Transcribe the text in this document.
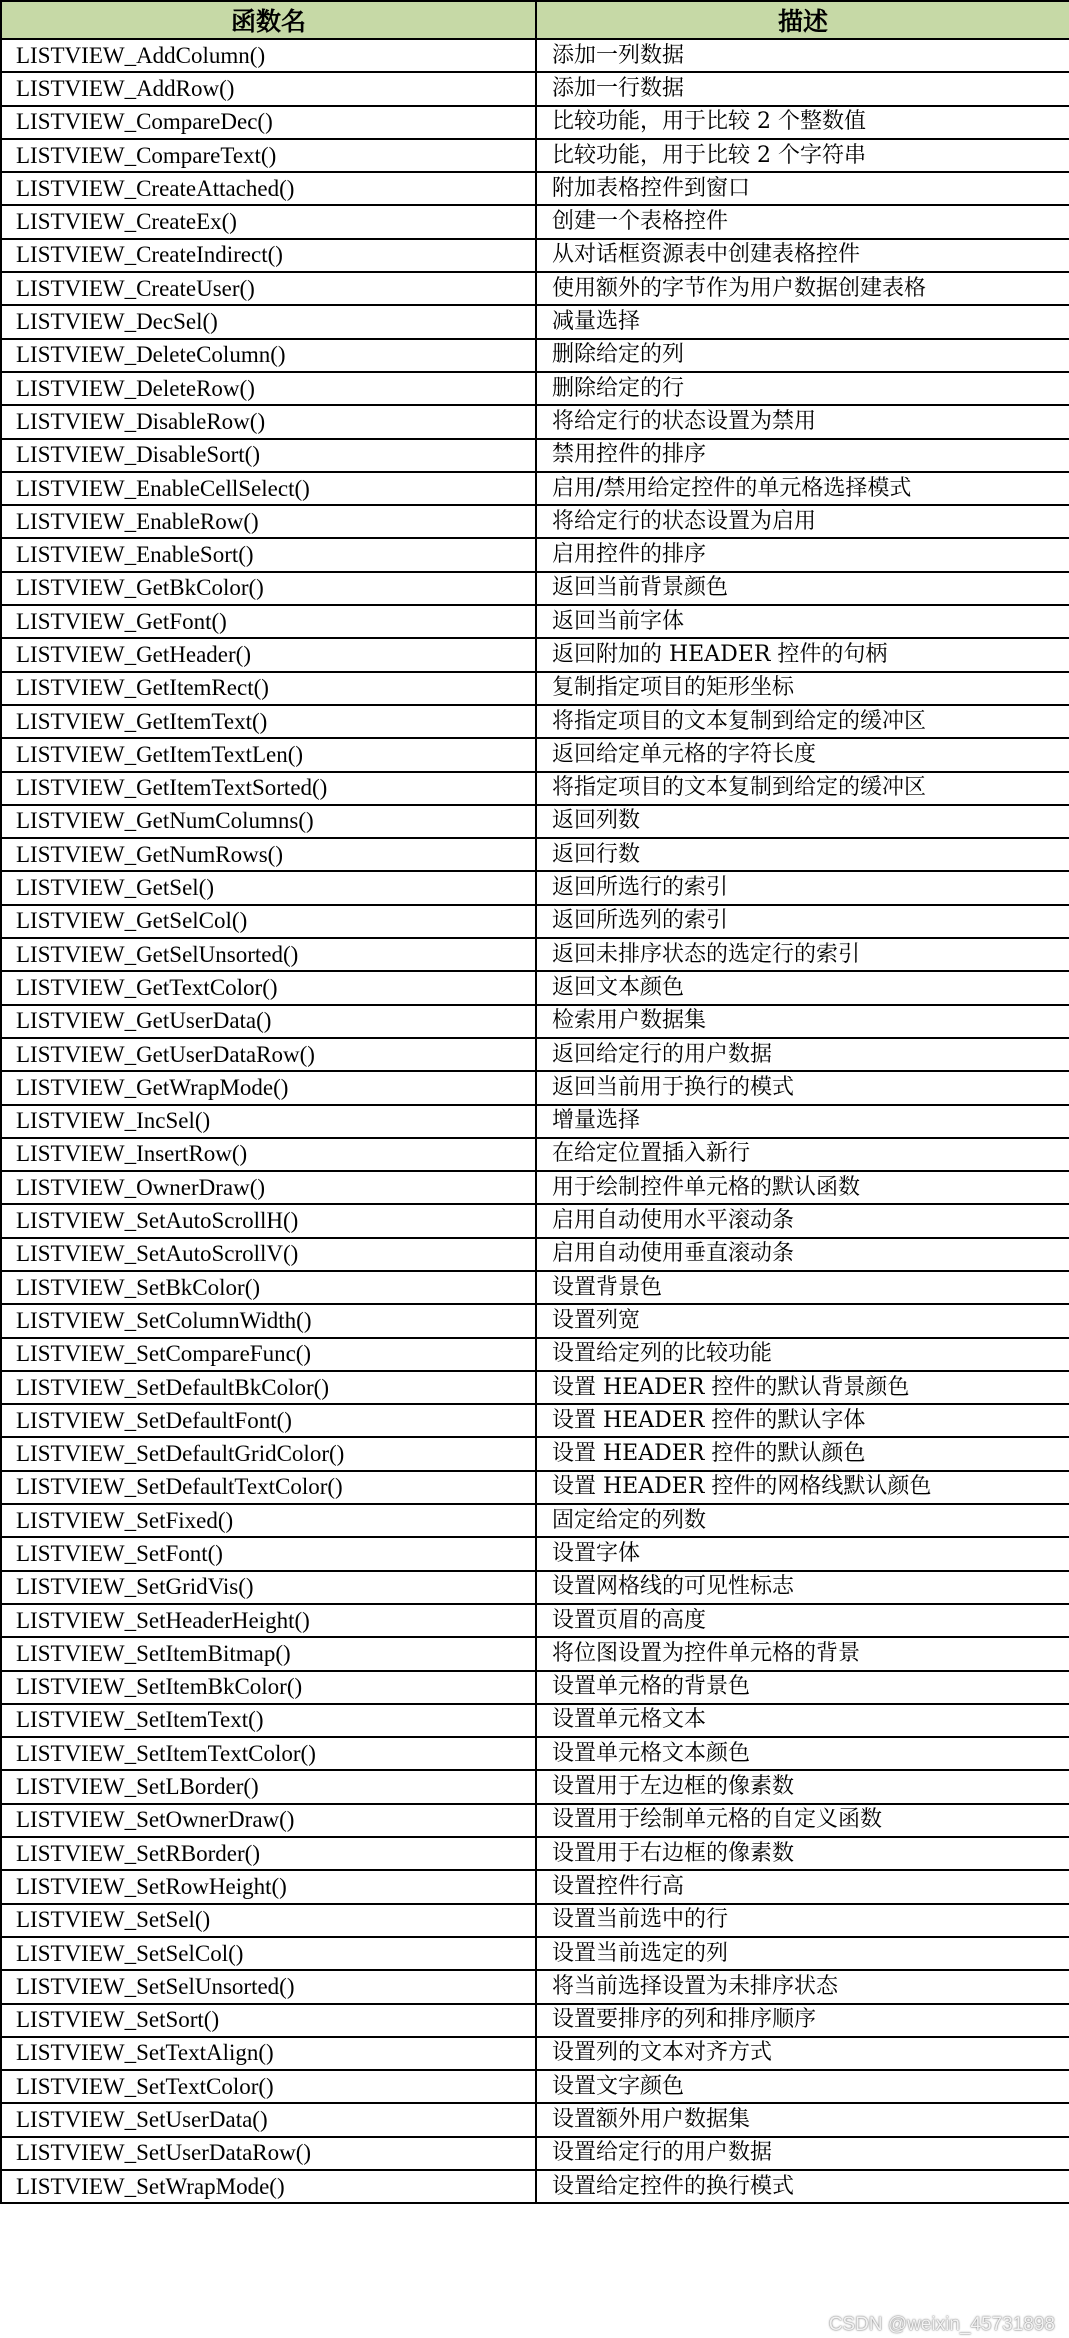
函数名	描述
LISTVIEW_AddColumn()	添加一列数据
LISTVIEW_AddRow()	添加一行数据
LISTVIEW_CompareDec()	比较功能，用于比较 2 个整数值
LISTVIEW_CompareText()	比较功能，用于比较 2 个字符串
LISTVIEW_CreateAttached()	附加表格控件到窗口
LISTVIEW_CreateEx()	创建一个表格控件
LISTVIEW_CreateIndirect()	从对话框资源表中创建表格控件
LISTVIEW_CreateUser()	使用额外的字节作为用户数据创建表格
LISTVIEW_DecSel()	减量选择
LISTVIEW_DeleteColumn()	删除给定的列
LISTVIEW_DeleteRow()	删除给定的行
LISTVIEW_DisableRow()	将给定行的状态设置为禁用
LISTVIEW_DisableSort()	禁用控件的排序
LISTVIEW_EnableCellSelect()	启用/禁用给定控件的单元格选择模式
LISTVIEW_EnableRow()	将给定行的状态设置为启用
LISTVIEW_EnableSort()	启用控件的排序
LISTVIEW_GetBkColor()	返回当前背景颜色
LISTVIEW_GetFont()	返回当前字体
LISTVIEW_GetHeader()	返回附加的 HEADER 控件的句柄
LISTVIEW_GetItemRect()	复制指定项目的矩形坐标
LISTVIEW_GetItemText()	将指定项目的文本复制到给定的缓冲区
LISTVIEW_GetItemTextLen()	返回给定单元格的字符长度
LISTVIEW_GetItemTextSorted()	将指定项目的文本复制到给定的缓冲区
LISTVIEW_GetNumColumns()	返回列数
LISTVIEW_GetNumRows()	返回行数
LISTVIEW_GetSel()	返回所选行的索引
LISTVIEW_GetSelCol()	返回所选列的索引
LISTVIEW_GetSelUnsorted()	返回未排序状态的选定行的索引
LISTVIEW_GetTextColor()	返回文本颜色
LISTVIEW_GetUserData()	检索用户数据集
LISTVIEW_GetUserDataRow()	返回给定行的用户数据
LISTVIEW_GetWrapMode()	返回当前用于换行的模式
LISTVIEW_IncSel()	增量选择
LISTVIEW_InsertRow()	在给定位置插入新行
LISTVIEW_OwnerDraw()	用于绘制控件单元格的默认函数
LISTVIEW_SetAutoScrollH()	启用自动使用水平滚动条
LISTVIEW_SetAutoScrollV()	启用自动使用垂直滚动条
LISTVIEW_SetBkColor()	设置背景色
LISTVIEW_SetColumnWidth()	设置列宽
LISTVIEW_SetCompareFunc()	设置给定列的比较功能
LISTVIEW_SetDefaultBkColor()	设置 HEADER 控件的默认背景颜色
LISTVIEW_SetDefaultFont()	设置 HEADER 控件的默认字体
LISTVIEW_SetDefaultGridColor()	设置 HEADER 控件的默认颜色
LISTVIEW_SetDefaultTextColor()	设置 HEADER 控件的网格线默认颜色
LISTVIEW_SetFixed()	固定给定的列数
LISTVIEW_SetFont()	设置字体
LISTVIEW_SetGridVis()	设置网格线的可见性标志
LISTVIEW_SetHeaderHeight()	设置页眉的高度
LISTVIEW_SetItemBitmap()	将位图设置为控件单元格的背景
LISTVIEW_SetItemBkColor()	设置单元格的背景色
LISTVIEW_SetItemText()	设置单元格文本
LISTVIEW_SetItemTextColor()	设置单元格文本颜色
LISTVIEW_SetLBorder()	设置用于左边框的像素数
LISTVIEW_SetOwnerDraw()	设置用于绘制单元格的自定义函数
LISTVIEW_SetRBorder()	设置用于右边框的像素数
LISTVIEW_SetRowHeight()	设置控件行高
LISTVIEW_SetSel()	设置当前选中的行
LISTVIEW_SetSelCol()	设置当前选定的列
LISTVIEW_SetSelUnsorted()	将当前选择设置为未排序状态
LISTVIEW_SetSort()	设置要排序的列和排序顺序
LISTVIEW_SetTextAlign()	设置列的文本对齐方式
LISTVIEW_SetTextColor()	设置文字颜色
LISTVIEW_SetUserData()	设置额外用户数据集
LISTVIEW_SetUserDataRow()	设置给定行的用户数据
LISTVIEW_SetWrapMode()	设置给定控件的换行模式
CSDN @weixin_45731898
